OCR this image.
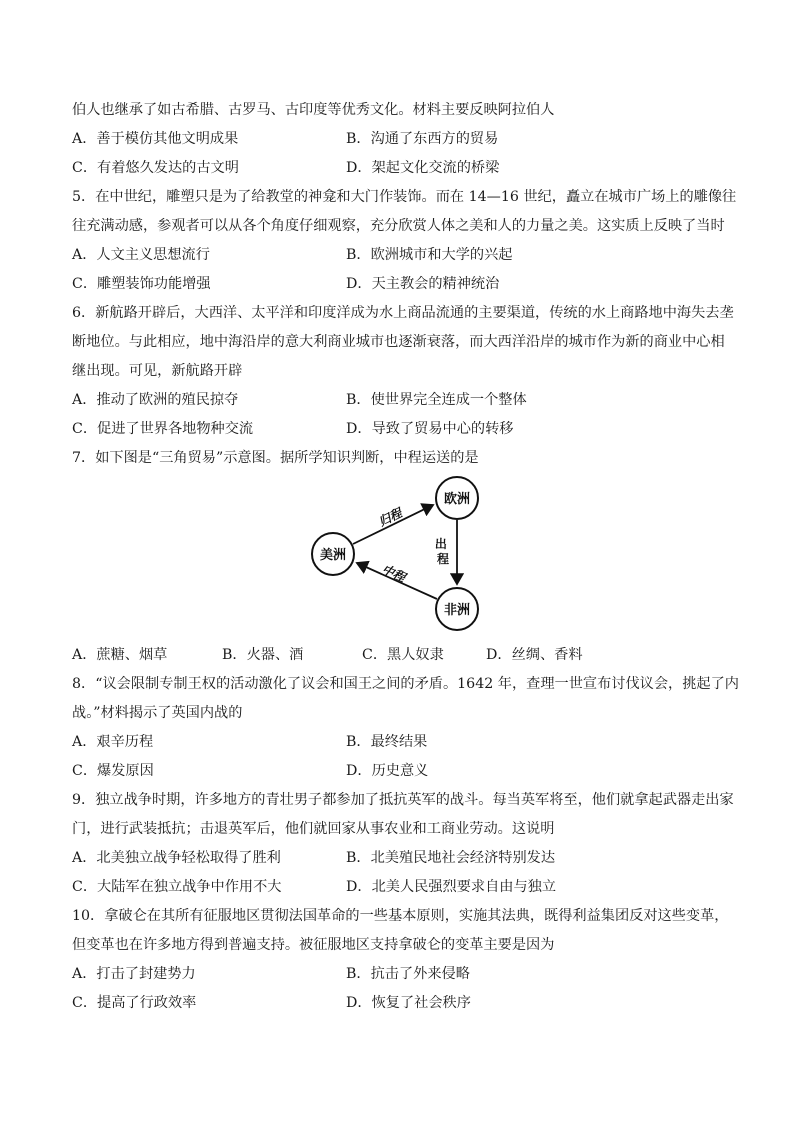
伯人也继承了如古希腊、古罗马、古印度等优秀文化。材料主要反映阿拉伯人
A．善于模仿其他文明成果	B．沟通了东西方的贸易
C．有着悠久发达的古文明	D．架起文化交流的桥梁
5．在中世纪，雕塑只是为了给教堂的神龛和大门作装饰。而在 14—16 世纪，矗立在城市广场上的雕像往
往充满动感，参观者可以从各个角度仔细观察，充分欣赏人体之美和人的力量之美。这实质上反映了当时
A．人文主义思想流行	B．欧洲城市和大学的兴起
C．雕塑装饰功能增强	D．天主教会的精神统治
6．新航路开辟后，大西洋、太平洋和印度洋成为水上商品流通的主要渠道，传统的水上商路地中海失去垄
断地位。与此相应，地中海沿岸的意大利商业城市也逐渐衰落，而大西洋沿岸的城市作为新的商业中心相
继出现。可见，新航路开辟
A．推动了欧洲的殖民掠夺	B．使世界完全连成一个整体
C．促进了世界各地物种交流	D．导致了贸易中心的转移
7．如下图是“三角贸易”示意图。据所学知识判断，中程运送的是
欧洲
美洲
非洲
归程
中程
出 程
A．蔗糖、烟草	B．火器、酒	C．黑人奴隶	D．丝绸、香料
8．“议会限制专制王权的活动激化了议会和国王之间的矛盾。1642 年，查理一世宣布讨伐议会，挑起了内
战。”材料揭示了英国内战的
A．艰辛历程	B．最终结果
C．爆发原因	D．历史意义
9．独立战争时期，许多地方的青壮男子都参加了抵抗英军的战斗。每当英军将至，他们就拿起武器走出家
门，进行武装抵抗；击退英军后，他们就回家从事农业和工商业劳动。这说明
A．北美独立战争轻松取得了胜利	B．北美殖民地社会经济特别发达
C．大陆军在独立战争中作用不大	D．北美人民强烈要求自由与独立
10．拿破仑在其所有征服地区贯彻法国革命的一些基本原则，实施其法典，既得利益集团反对这些变革，
但变革也在许多地方得到普遍支持。被征服地区支持拿破仑的变革主要是因为
A．打击了封建势力	B．抗击了外来侵略
C．提高了行政效率	D．恢复了社会秩序
